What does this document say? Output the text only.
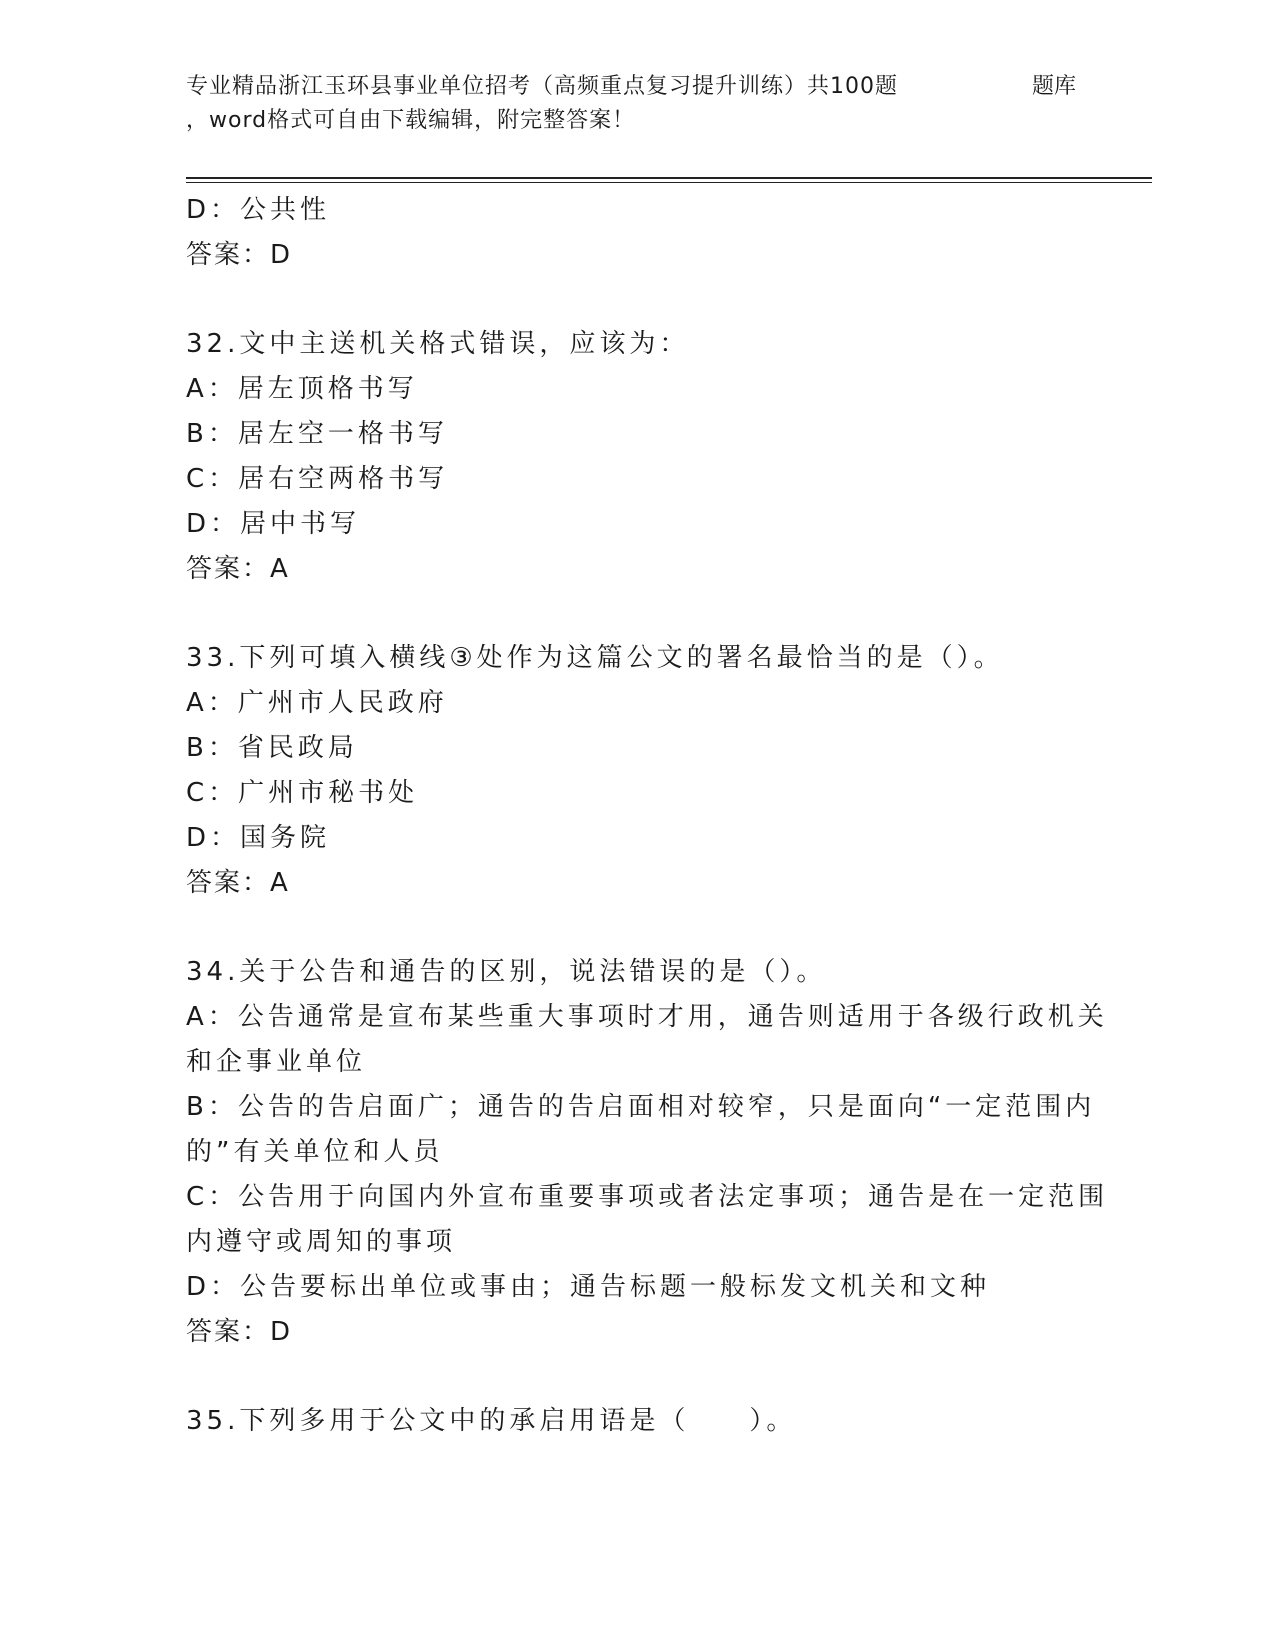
专业精品浙江玉环县事业单位招考（高频重点复习提升训练）共100题	题库
，word格式可自由下载编辑，附完整答案！
D：公共性
答案：D
32.文中主送机关格式错误，应该为：
A：居左顶格书写
B：居左空一格书写
C：居右空两格书写
D：居中书写
答案：A
33.下列可填入横线③处作为这篇公文的署名最恰当的是（）。
A：广州市人民政府
B：省民政局
C：广州市秘书处
D：国务院
答案：A
34.关于公告和通告的区别，说法错误的是（）。
A：公告通常是宣布某些重大事项时才用，通告则适用于各级行政机关
和企事业单位
B：公告的告启面广；通告的告启面相对较窄，只是面向“一定范围内
的”有关单位和人员
C：公告用于向国内外宣布重要事项或者法定事项；通告是在一定范围
内遵守或周知的事项
D：公告要标出单位或事由；通告标题一般标发文机关和文种
答案：D
35.下列多用于公文中的承启用语是（　　）。
